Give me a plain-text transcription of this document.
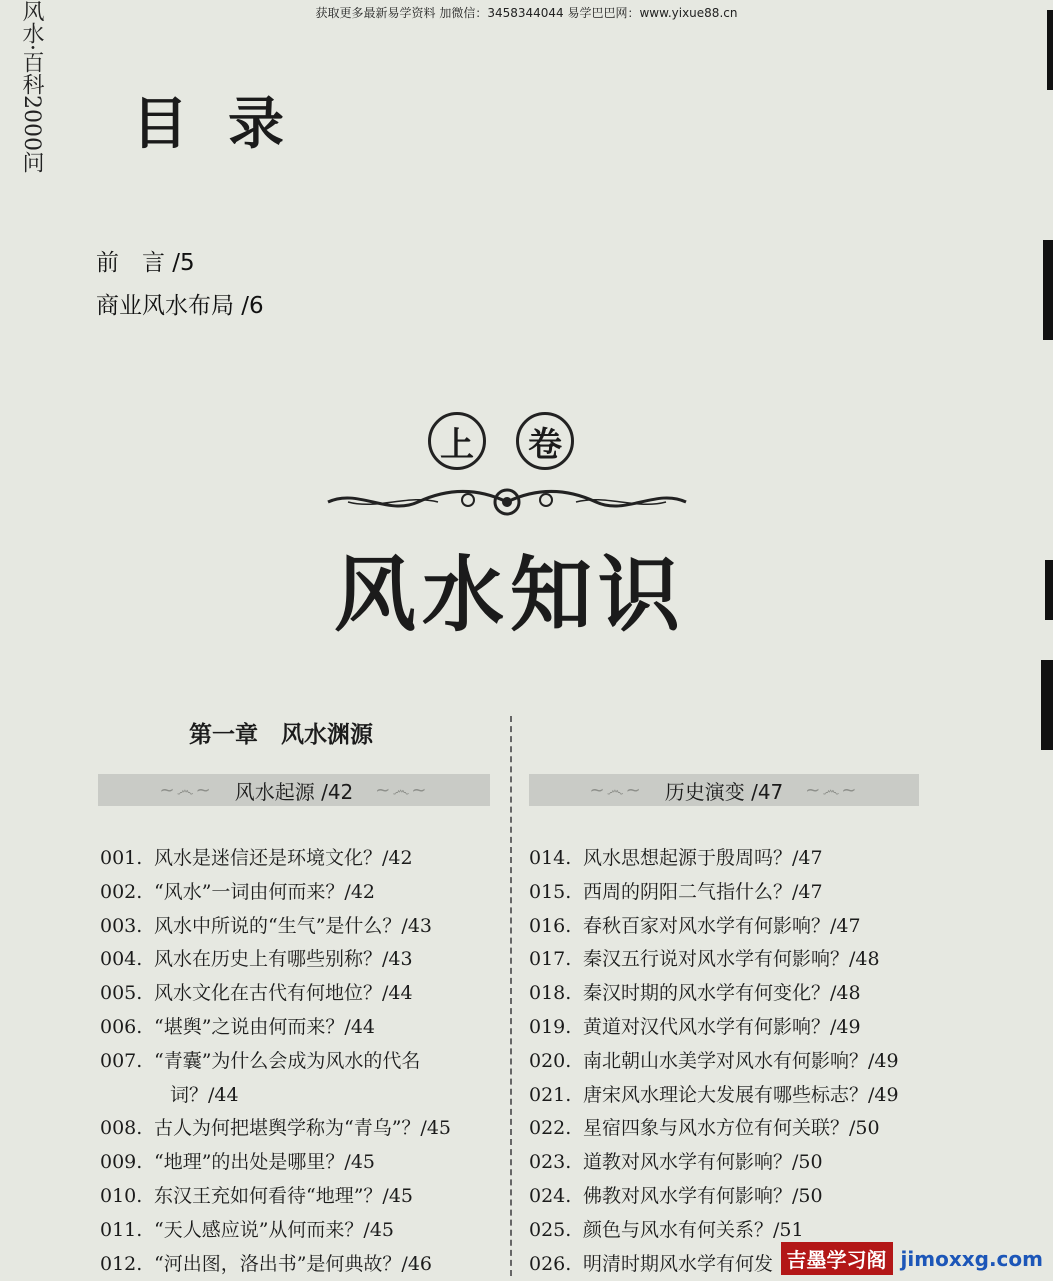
获取更多最新易学资料 加微信：3458344044 易学巴巴网：www.yixue88.cn
风水·百科2000问 目录
前　言 /5
商业风水布局 /6
上	卷
风水知识
第一章　风水渊源
~෴~ 风水起源 /42 ~෴~	~෴~ 历史演变 /47 ~෴~
001. 风水是迷信还是环境文化？/42
002. “风水”一词由何而来？/42
003. 风水中所说的“生气”是什么？/43
004. 风水在历史上有哪些别称？/43
005. 风水文化在古代有何地位？/44
006. “堪舆”之说由何而来？/44
007. “青囊”为什么会成为风水的代名
词？/44
008. 古人为何把堪舆学称为“青乌”？/45
009. “地理”的出处是哪里？/45
010. 东汉王充如何看待“地理”？/45
011. “天人感应说”从何而来？/45
012. “河出图，洛出书”是何典故？/46
014. 风水思想起源于殷周吗？/47
015. 西周的阴阳二气指什么？/47
016. 春秋百家对风水学有何影响？/47
017. 秦汉五行说对风水学有何影响？/48
018. 秦汉时期的风水学有何变化？/48
019. 黄道对汉代风水学有何影响？/49
020. 南北朝山水美学对风水有何影响？/49
021. 唐宋风水理论大发展有哪些标志？/49
022. 星宿四象与风水方位有何关联？/50
023. 道教对风水学有何影响？/50
024. 佛教对风水学有何影响？/50
025. 颜色与风水有何关系？/51
026. 明清时期风水学有何发 吉墨学习阁 jimoxxg.com
